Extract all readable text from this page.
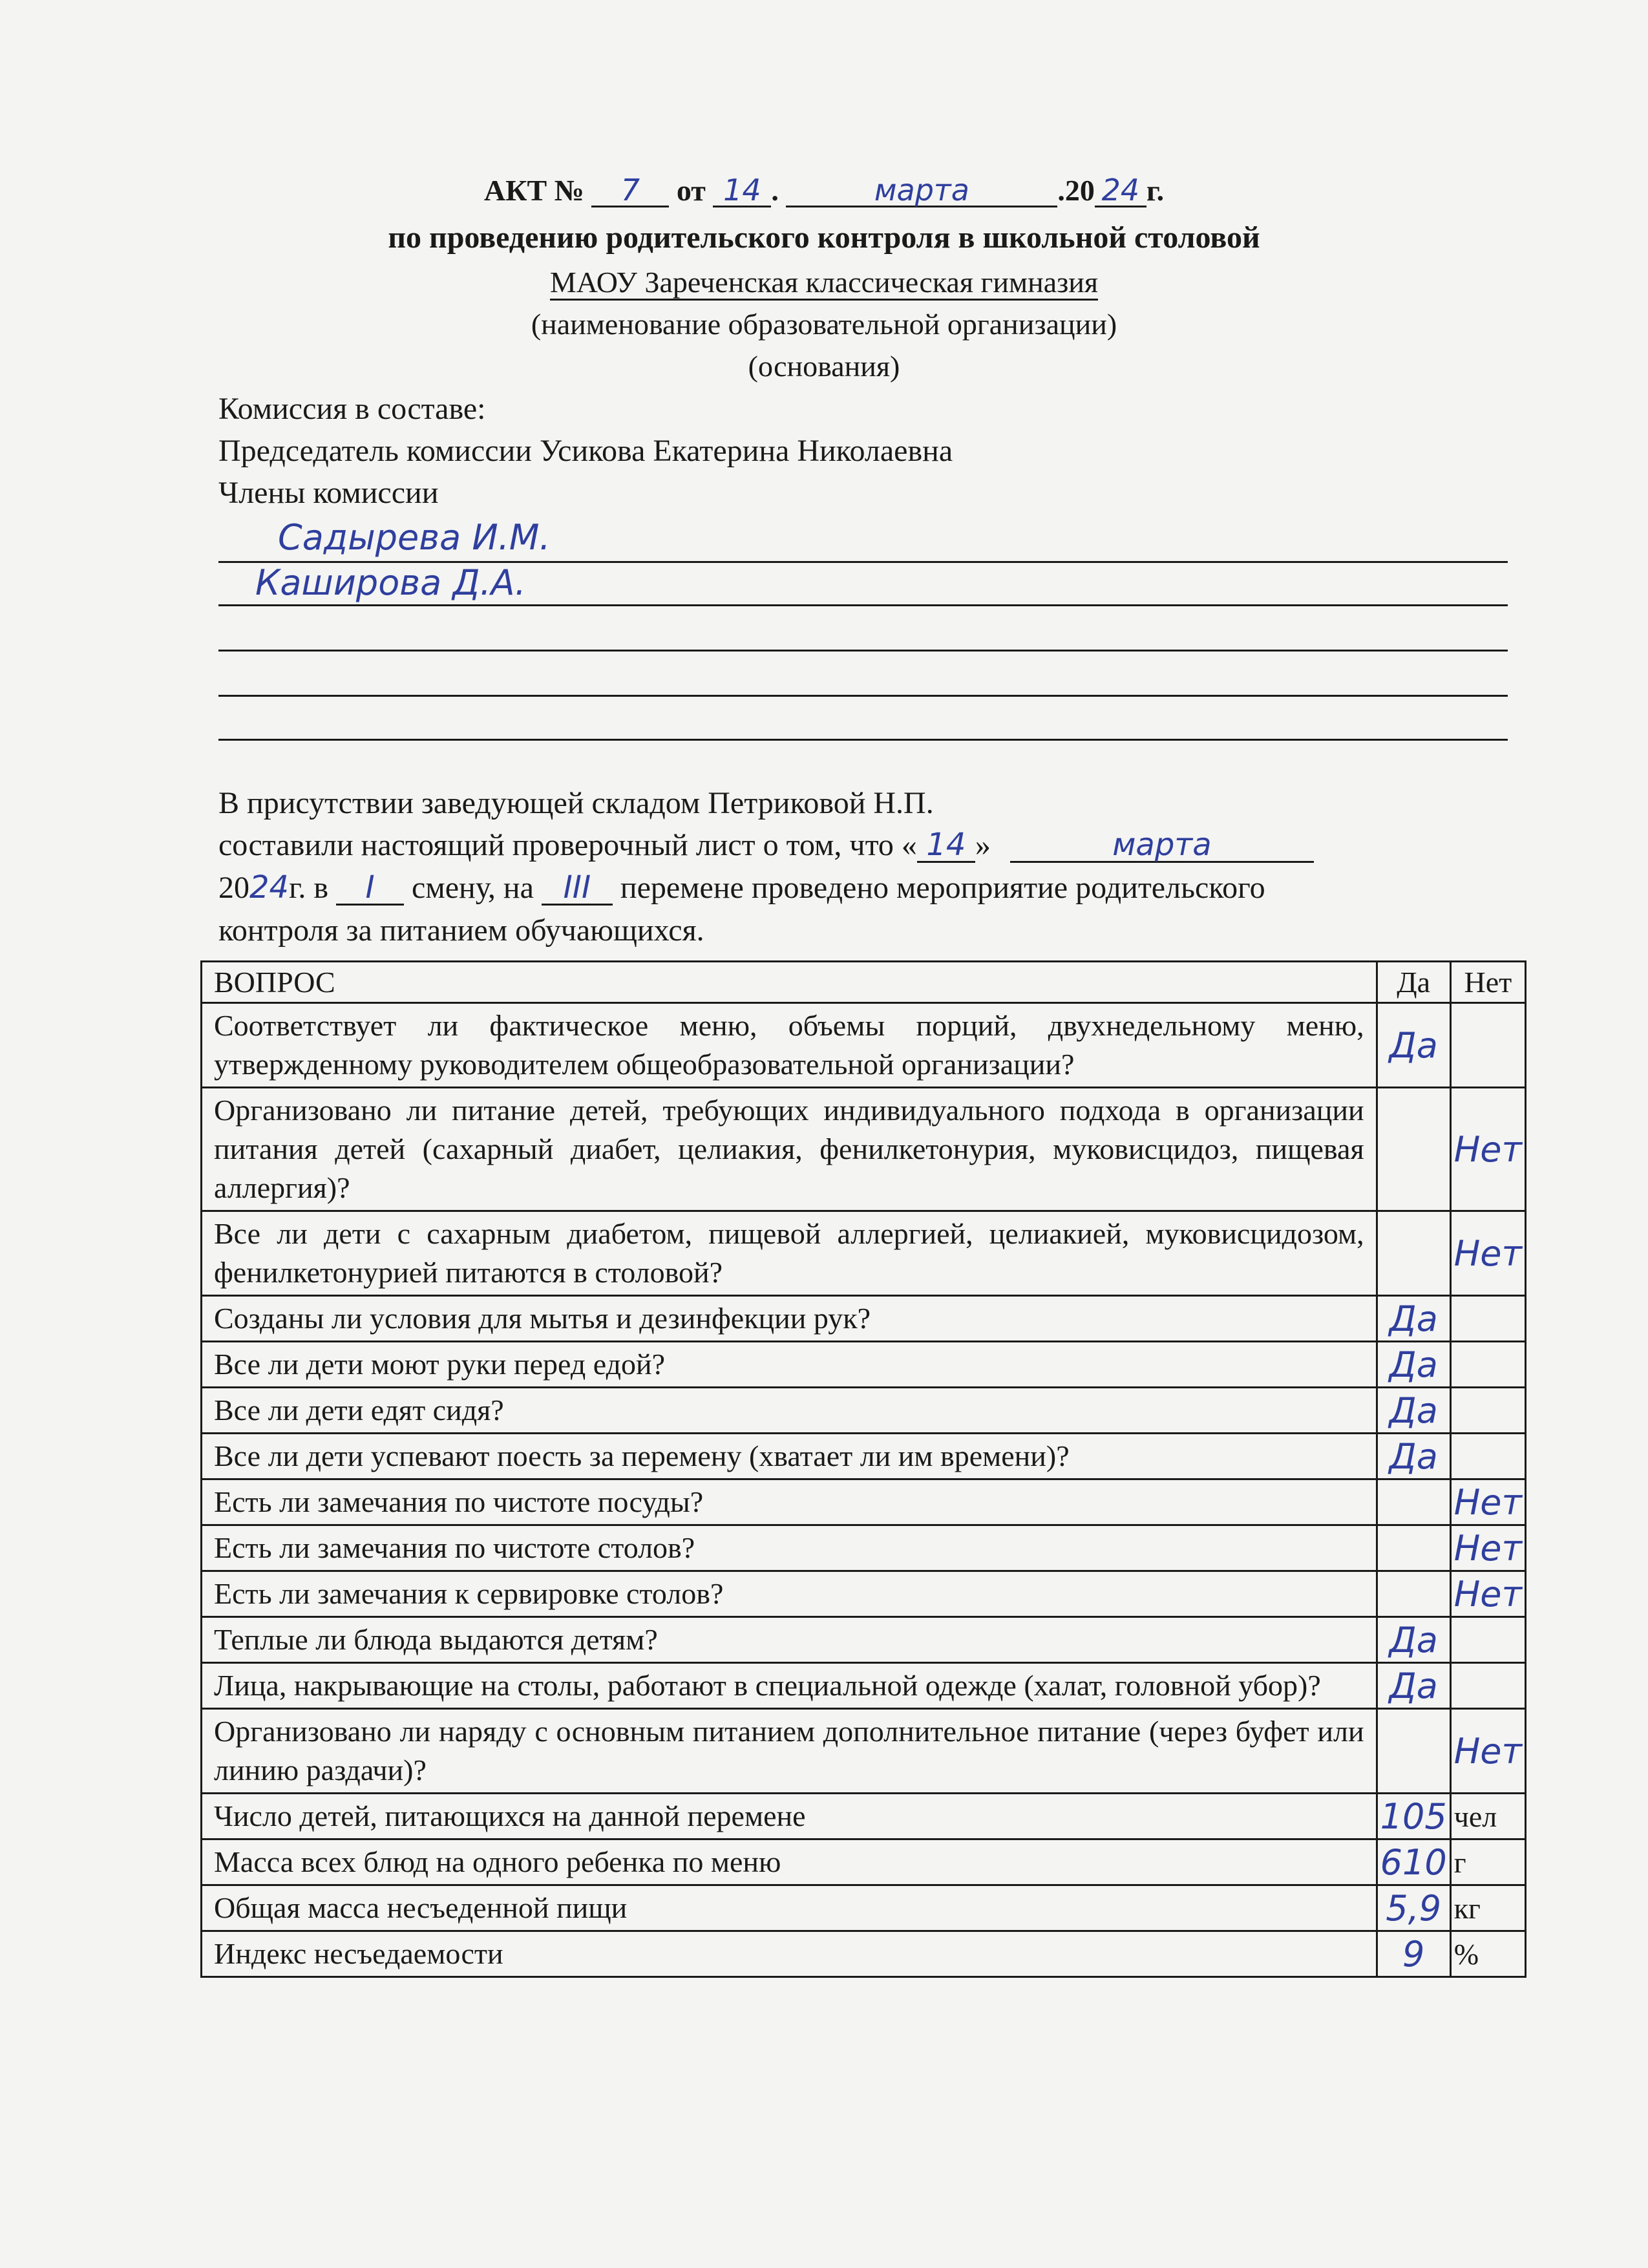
АКТ № 7 от 14 .	марта	.20 24 г.
по проведению родительского контроля в школьной столовой
МАОУ Зареченская классическая гимназия
(наименование образовательной организации)
(основания)
Комиссия в составе:
Председатель комиссии Усикова Екатерина Николаевна
Члены комиссии
Садырева И.М.
Каширова Д.А.
В присутствии заведующей складом Петриковой Н.П.
составили настоящий проверочный лист о том, что « 14 »	марта
2024г. в I смену, на III перемене проведено мероприятие родительского
контроля за питанием обучающихся.
ВОПРОС	Да	Нет
Соответствует ли фактическое меню, объемы порций, двухнедельному меню, утвержденному руководителем общеобразовательной организации?	Да	
Организовано ли питание детей, требующих индивидуального подхода в организации питания детей (сахарный диабет, целиакия, фенилкетонурия, муковисцидоз, пищевая аллергия)?		Нет
Все ли дети с сахарным диабетом, пищевой аллергией, целиакией, муковисцидозом, фенилкетонурией питаются в столовой?		Нет
Созданы ли условия для мытья и дезинфекции рук?	Да	
Все ли дети моют руки перед едой?	Да	
Все ли дети едят сидя?	Да	
Все ли дети успевают поесть за перемену (хватает ли им времени)?	Да	
Есть ли замечания по чистоте посуды?		Нет
Есть ли замечания по чистоте столов?		Нет
Есть ли замечания к сервировке столов?		Нет
Теплые ли блюда выдаются детям?	Да	
Лица, накрывающие на столы, работают в специальной одежде (халат, головной убор)?	Да	
Организовано ли наряду с основным питанием дополнительное питание (через буфет или линию раздачи)?		Нет
Число детей, питающихся на данной перемене	105	чел
Масса всех блюд на одного ребенка по меню	610	г
Общая масса несъеденной пищи	5,9	кг
Индекс несъедаемости	9	%
